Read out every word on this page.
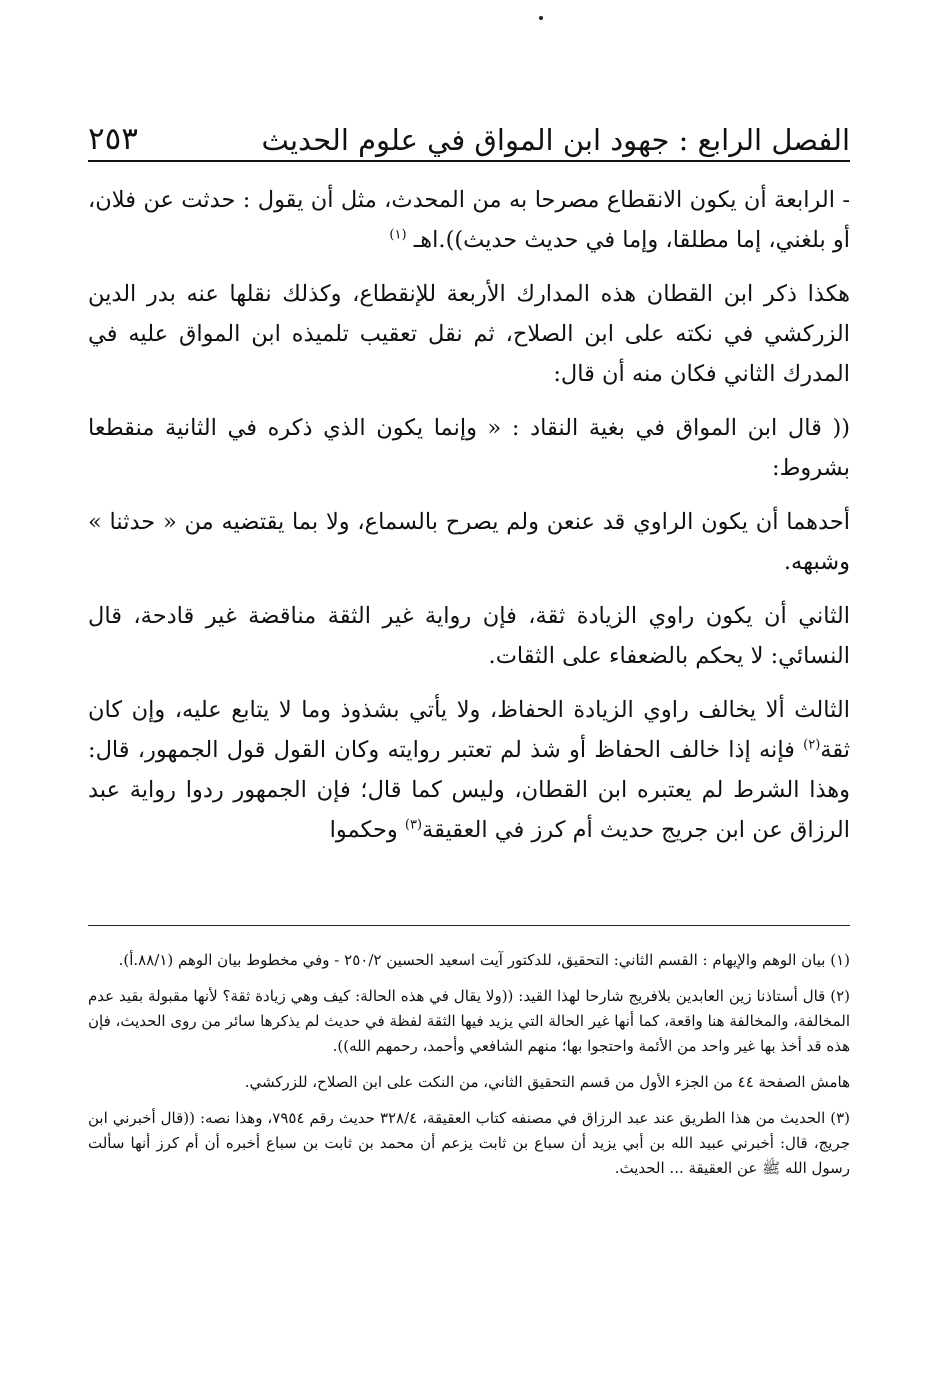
الفصل الرابع : جهود ابن المواق في علوم الحديث
٢٥٣

- الرابعة أن يكون الانقطاع مصرحا به من المحدث، مثل أن يقول : حدثت عن فلان، أو بلغني، إما مطلقا، وإما في حديث حديث)).اهـ $^{(١)}$

هكذا ذكر ابن القطان هذه المدارك الأربعة للإنقطاع، وكذلك نقلها عنه بدر الدين الزركشي في نكته على ابن الصلاح، ثم نقل تعقيب تلميذه ابن المواق عليه في المدرك الثاني فكان منه أن قال:

(( قال ابن المواق في بغية النقاد : « وإنما يكون الذي ذكره في الثانية منقطعا بشروط:

أحدهما أن يكون الراوي قد عنعن ولم يصرح بالسماع، ولا بما يقتضيه من « حدثنا » وشبهه.

الثاني أن يكون راوي الزيادة ثقة، فإن رواية غير الثقة مناقضة غير قادحة، قال النسائي: لا يحكم بالضعفاء على الثقات.

الثالث ألا يخالف راوي الزيادة الحفاظ، ولا يأتي بشذوذ وما لا يتابع عليه، وإن كان ثقة$^{(٢)}$ فإنه إذا خالف الحفاظ أو شذ لم تعتبر روايته وكان القول قول الجمهور، قال: وهذا الشرط لم يعتبره ابن القطان، وليس كما قال؛ فإن الجمهور ردوا رواية عبد الرزاق عن ابن جريج حديث أم كرز في العقيقة$^{(٣)}$ وحكموا

(١) بيان الوهم والإيهام : القسم الثاني: التحقيق، للدكتور آيت اسعيد الحسين ٢٥٠/٢ - وفي مخطوط بيان الوهم (٨٨/١.أ).

(٢) قال أستاذنا زين العابدين بلافريج شارحا لهذا القيد: ((ولا يقال في هذه الحالة: كيف وهي زيادة ثقة؟ لأنها مقبولة بقيد عدم المخالفة، والمخالفة هنا واقعة، كما أنها غير الحالة التي يزيد فيها الثقة لفظة في حديث لم يذكرها سائر من روى الحديث، فإن هذه قد أخذ بها غير واحد من الأئمة واحتجوا بها؛ منهم الشافعي وأحمد، رحمهم الله)).

هامش الصفحة ٤٤ من الجزء الأول من قسم التحقيق الثاني، من النكت على ابن الصلاح، للزركشي.

(٣) الحديث من هذا الطريق عند عبد الرزاق في مصنفه كتاب العقيقة، ٣٢٨/٤ حديث رقم ٧٩٥٤، وهذا نصه: ((قال أخبرني ابن جريج، قال: أخبرني عبيد الله بن أبي يزيد أن سباع بن ثابت يزعم أن محمد بن ثابت بن سباع أخبره أن أم كرز أنها سألت رسول الله ﷺ عن العقيقة ... الحديث.
